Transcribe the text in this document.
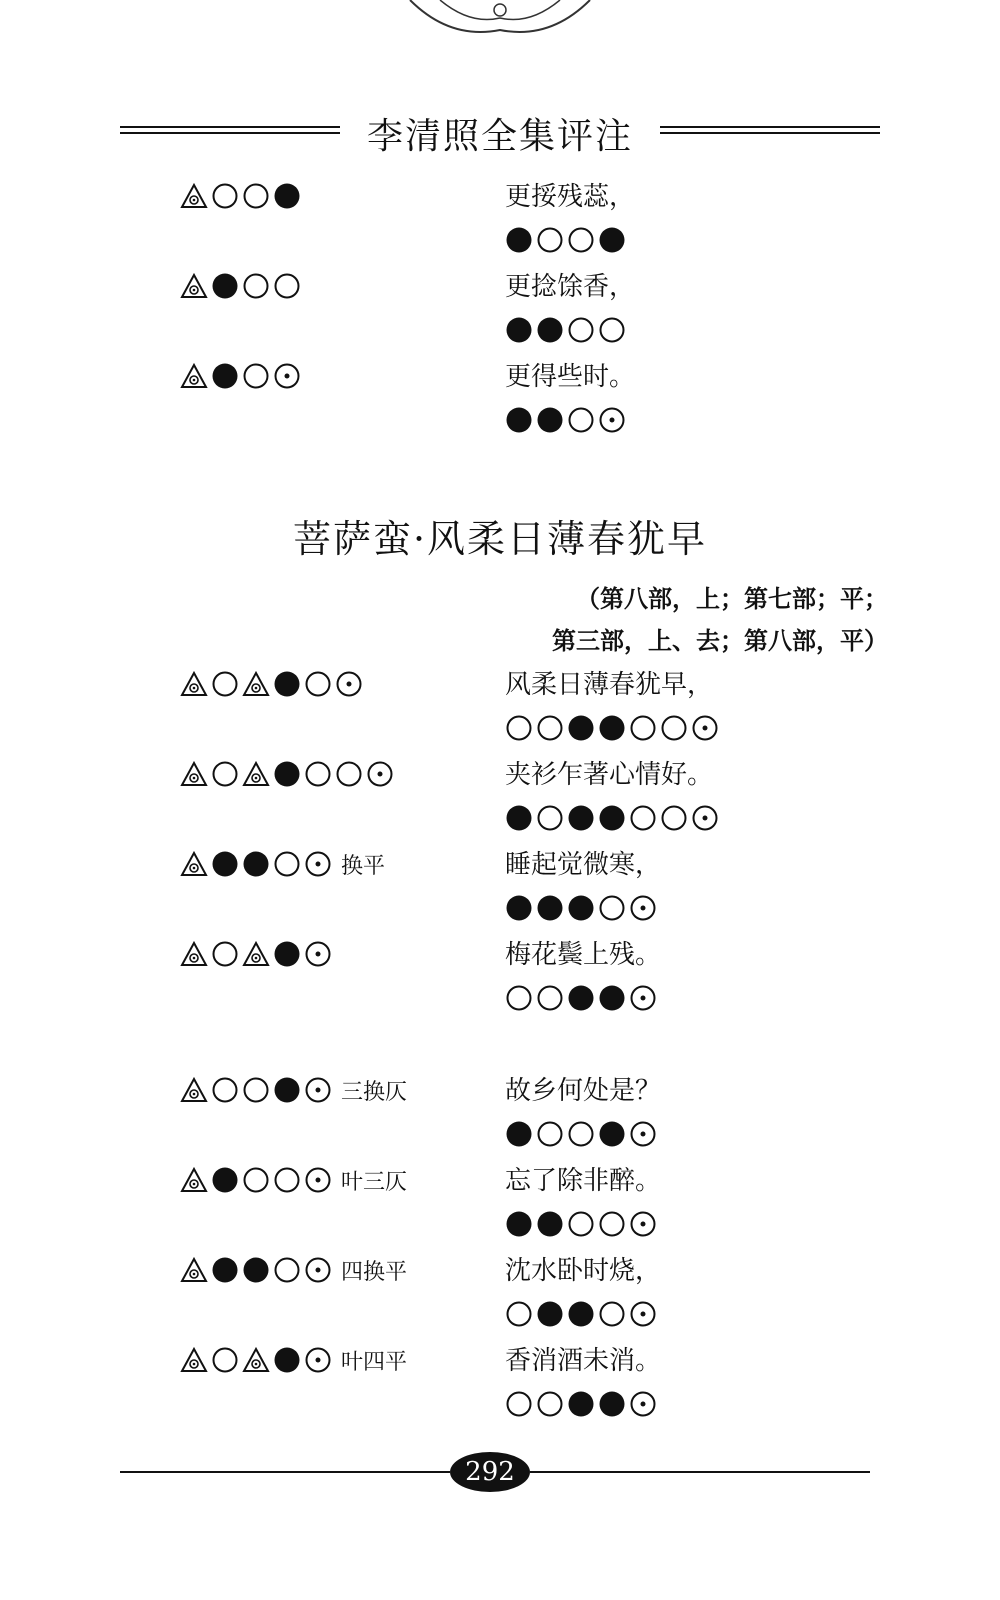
李清照全集评注
更挼残蕊，
更捻馀香，
更得些时。
菩萨蛮·风柔日薄春犹早
（第八部，上；第七部；平；
第三部，上、去；第八部，平）
风柔日薄春犹早，
夹衫乍著心情好。
换平	睡起觉微寒，
梅花鬓上残。
三换仄	故乡何处是？
叶三仄	忘了除非醉。
四换平	沈水卧时烧，
叶四平	香消酒未消。
292
